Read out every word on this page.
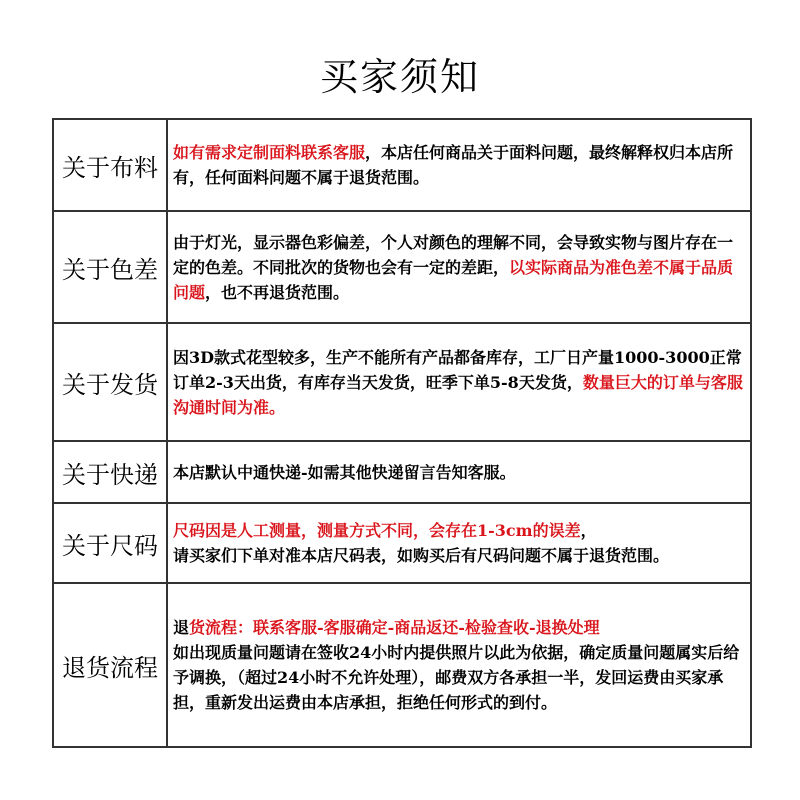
买家须知
关于布料	如有需求定制面料联系客服，本店任何商品关于面料问题，最终解释权归本店所有，任何面料问题不属于退货范围。
关于色差	由于灯光，显示器色彩偏差，个人对颜色的理解不同，会导致实物与图片存在一定的色差。不同批次的货物也会有一定的差距，以实际商品为准色差不属于品质问题，也不再退货范围。
关于发货	因3D款式花型较多，生产不能所有产品都备库存，工厂日产量1000-3000正常订单2-3天出货，有库存当天发货，旺季下单5-8天发货，数量巨大的订单与客服沟通时间为准。
关于快递	本店默认中通快递-如需其他快递留言告知客服。
关于尺码	尺码因是人工测量，测量方式不同，会存在1-3cm的误差，
请买家们下单对准本店尺码表，如购买后有尺码问题不属于退货范围。
退货流程	退货流程：联系客服-客服确定-商品返还-检验查收-退换处理
如出现质量问题请在签收24小时内提供照片以此为依据，确定质量问题属实后给予调换，（超过24小时不允许处理），邮费双方各承担一半，发回运费由买家承担，重新发出运费由本店承担，拒绝任何形式的到付。
